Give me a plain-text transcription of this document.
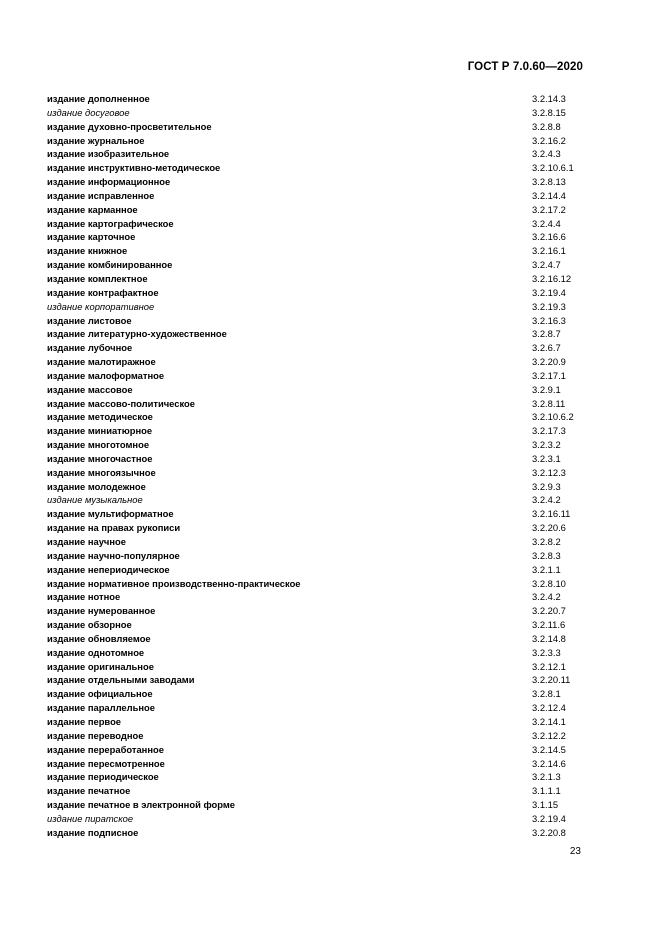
ГОСТ Р 7.0.60—2020
издание дополненное	3.2.14.3
издание досуговое	3.2.8.15
издание духовно-просветительное	3.2.8.8
издание журнальное	3.2.16.2
издание изобразительное	3.2.4.3
издание инструктивно-методическое	3.2.10.6.1
издание информационное	3.2.8.13
издание исправленное	3.2.14.4
издание карманное	3.2.17.2
издание картографическое	3.2.4.4
издание карточное	3.2.16.6
издание книжное	3.2.16.1
издание комбинированное	3.2.4.7
издание комплектное	3.2.16.12
издание контрафактное	3.2.19.4
издание корпоративное	3.2.19.3
издание листовое	3.2.16.3
издание литературно-художественное	3.2.8.7
издание лубочное	3.2.6.7
издание малотиражное	3.2.20.9
издание малоформатное	3.2.17.1
издание массовое	3.2.9.1
издание массово-политическое	3.2.8.11
издание методическое	3.2.10.6.2
издание миниатюрное	3.2.17.3
издание многотомное	3.2.3.2
издание многочастное	3.2.3.1
издание многоязычное	3.2.12.3
издание молодежное	3.2.9.3
издание музыкальное	3.2.4.2
издание мультиформатное	3.2.16.11
издание на правах рукописи	3.2.20.6
издание научное	3.2.8.2
издание научно-популярное	3.2.8.3
издание непериодическое	3.2.1.1
издание нормативное производственно-практическое	3.2.8.10
издание нотное	3.2.4.2
издание нумерованное	3.2.20.7
издание обзорное	3.2.11.6
издание обновляемое	3.2.14.8
издание однотомное	3.2.3.3
издание оригинальное	3.2.12.1
издание отдельными заводами	3.2.20.11
издание официальное	3.2.8.1
издание параллельное	3.2.12.4
издание первое	3.2.14.1
издание переводное	3.2.12.2
издание переработанное	3.2.14.5
издание пересмотренное	3.2.14.6
издание периодическое	3.2.1.3
издание печатное	3.1.1.1
издание печатное в электронной форме	3.1.15
издание пиратское	3.2.19.4
издание подписное	3.2.20.8
23
